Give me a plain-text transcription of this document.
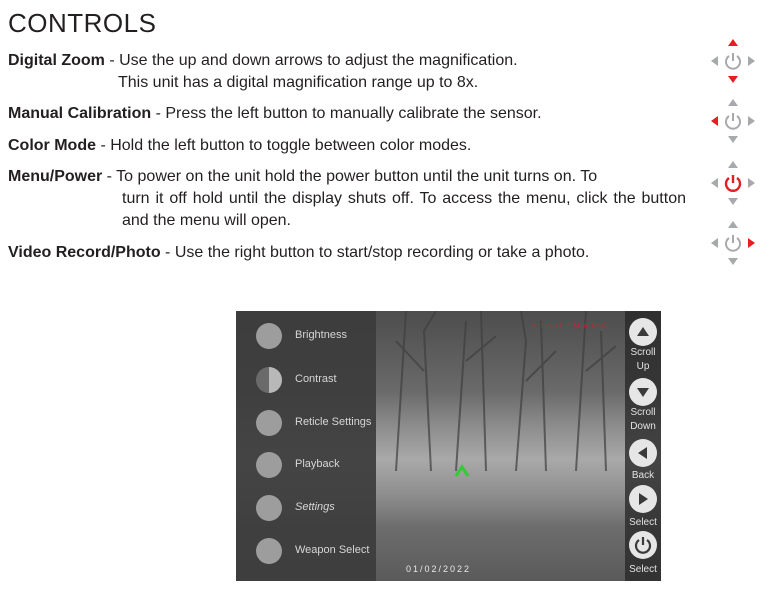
CONTROLS
Digital Zoom - Use the up and down arrows to adjust the magnification.
This unit has a digital magnification range up to 8x.
Manual Calibration - Press the left button to manually calibrate the sensor.
Color Mode - Hold the left button to toggle between color modes.
Menu/Power - To power on the unit hold the power button until the unit turns on. To
turn it off hold until the display shuts off. To access the menu, click the button and the menu will open.
Video Record/Photo - Use the right button to start/stop recording or take a photo.
Brightness
Contrast
Reticle Settings
Playback
Settings
Weapon Select
SIGHTMARK
01/02/2022
Scroll
Up
Scroll
Down
Back
Select
Select
